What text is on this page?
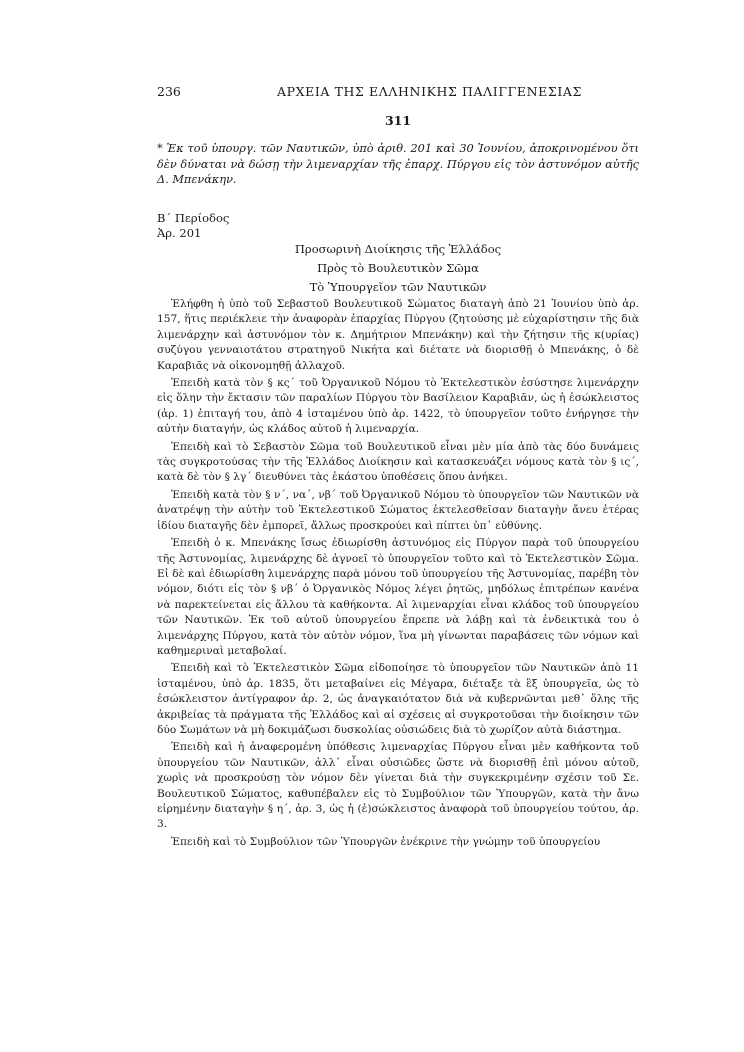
236	ΑΡΧΕΙΑ ΤΗΣ ΕΛΛΗΝΙΚΗΣ ΠΑΛΙΓΓΕΝΕΣΙΑΣ
311
* Ἐκ τοῦ ὑπουργ. τῶν Ναυτικῶν, ὑπὸ ἀριθ. 201 καὶ 30 Ἰουνίου, ἀποκρινομένου ὅτι δὲν δύναται νὰ δώσῃ τὴν λιμεναρχίαν τῆς ἐπαρχ. Πύργου εἰς τὸν ἀστυνόμον αὐτῆς Δ. Μπενάκην.
Β´ Περίοδος
Ἀρ. 201
Προσωρινὴ Διοίκησις τῆς Ἑλλάδος
Πρὸς τὸ Βουλευτικὸν Σῶμα
Τὸ Ὑπουργεῖον τῶν Ναυτικῶν

Ἐλήφθη ἡ ὑπὸ τοῦ Σεβαστοῦ Βουλευτικοῦ Σώματος διαταγὴ ἀπὸ 21 Ἰουνίου ὑπὸ ἀρ. 157, ἥτις περιέκλειε τὴν ἀναφορὰν ἐπαρχίας Πύργου (ζητούσης μὲ εὐχαρίστησιν τῆς διὰ λιμενάρχην καὶ ἀστυνόμον τὸν κ. Δημήτριον Μπενάκην) καὶ τὴν ζήτησιν τῆς κ(υρίας) συζύγου γενναιοτάτου στρατηγοῦ Νικήτα καὶ διέτατε νὰ διορισθῇ ὁ Μπενάκης, ὁ δὲ Καραβιᾶς νὰ οἰκονομηθῇ ἀλλαχοῦ.

Ἐπειδὴ κατὰ τὸν § κς´ τοῦ Ὀργανικοῦ Νόμου τὸ Ἐκτελεστικὸν ἐσύστησε λιμενάρχην εἰς ὅλην τὴν ἔκτασιν τῶν παραλίων Πύργου τὸν Βασίλειον Καραβιᾶν, ὡς ἡ ἐσώκλειστος (ἀρ. 1) ἐπιταγή του, ἀπὸ 4 ἱσταμένου ὑπὸ ἀρ. 1422, τὸ ὑπουργεῖον τοῦτο ἐνήργησε τὴν αὐτὴν διαταγήν, ὡς κλάδος αὐτοῦ ἡ λιμεναρχία.

Ἐπειδὴ καὶ τὸ Σεβαστὸν Σῶμα τοῦ Βουλευτικοῦ εἶναι μὲν μία ἀπὸ τὰς δύο δυνάμεις τὰς συγκροτούσας τὴν τῆς Ἑλλάδος Διοίκησιν καὶ κατασκευάζει νόμους κατὰ τὸν § ις´, κατὰ δὲ τὸν § λγ´ διευθύνει τὰς ἑκάστου ὑποθέσεις ὅπου ἀνήκει.

Ἐπειδὴ κατὰ τὸν § ν´, να´, νβ´ τοῦ Ὀργανικοῦ Νόμου τὸ ὑπουργεῖον τῶν Ναυτικῶν νὰ ἀνατρέψῃ τὴν αὐτὴν τοῦ Ἐκτελεστικοῦ Σώματος ἐκτελεσθεῖσαν διαταγὴν ἄνευ ἑτέρας ἰδίου διαταγῆς δὲν ἐμπορεῖ, ἄλλως προσκρούει καὶ πίπτει ὑπ᾽ εὐθύνης.

Ἐπειδὴ ὁ κ. Μπενάκης ἴσως ἐδιωρίσθη ἀστυνόμος εἰς Πύργον παρὰ τοῦ ὑπουργείου τῆς Ἀστυνομίας, λιμενάρχης δὲ ἀγνοεῖ τὸ ὑπουργεῖον τοῦτο καὶ τὸ Ἐκτελεστικὸν Σῶμα. Εἰ δὲ καὶ ἐδιωρίσθη λιμενάρχης παρὰ μόνου τοῦ ὑπουργείου τῆς Ἀστυνομίας, παρέβη τὸν νόμον, διότι εἰς τὸν § νβ´ ὁ Ὀργανικὸς Νόμος λέγει ῥητῶς, μηδόλως ἐπιτρέπων κανένα νὰ παρεκτείνεται εἰς ἄλλου τὰ καθήκοντα. Αἱ λιμεναρχίαι εἶναι κλάδος τοῦ ὑπουργείου τῶν Ναυτικῶν. Ἐκ τοῦ αὐτοῦ ὑπουργείου ἔπρεπε νὰ λάβῃ καὶ τὰ ἐνδεικτικὰ του ὁ λιμενάρχης Πύργου, κατὰ τὸν αὐτὸν νόμον, ἵνα μὴ γίνωνται παραβάσεις τῶν νόμων καὶ καθημεριναὶ μεταβολαί.

Ἐπειδὴ καὶ τὸ Ἐκτελεστικὸν Σῶμα εἰδοποίησε τὸ ὑπουργεῖον τῶν Ναυτικῶν ἀπὸ 11 ἱσταμένου, ὑπὸ ἀρ. 1835, ὅτι μεταβαίνει εἰς Μέγαρα, διέταξε τὰ ἓξ ὑπουργεῖα, ὡς τὸ ἐσώκλειστον ἀντίγραφον ἀρ. 2, ὡς ἀναγκαιότατον διὰ νὰ κυβερνῶνται μεθ᾽ ὅλης τῆς ἀκριβείας τὰ πράγματα τῆς Ἑλλάδος καὶ αἱ σχέσεις αἱ συγκροτοῦσαι τὴν διοίκησιν τῶν δύο Σωμάτων νὰ μὴ δοκιμάζωσι δυσκολίας οὐσιώδεις διὰ τὸ χωρίζον αὐτὰ διάστημα.

Ἐπειδὴ καὶ ἡ ἀναφερομένη ὑπόθεσις λιμεναρχίας Πύργου εἶναι μὲν καθήκοντα τοῦ ὑπουργείου τῶν Ναυτικῶν, ἀλλ᾽ εἶναι οὐσιῶδες ὥστε νὰ διορισθῇ ἐπὶ μόνου αὐτοῦ, χωρὶς νὰ προσκρούσῃ τὸν νόμον δὲν γίνεται διὰ τὴν συγκεκριμένην σχέσιν τοῦ Σε. Βουλευτικοῦ Σώματος, καθυπέβαλεν εἰς τὸ Συμβούλιον τῶν Ὑπουργῶν, κατὰ τὴν ἄνω εἰρημένην διαταγὴν § η´, ἀρ. 3, ὡς ἡ (ἐ)σώκλειστος ἀναφορὰ τοῦ ὑπουργείου τούτου, ἀρ. 3.

Ἐπειδὴ καὶ τὸ Συμβούλιον τῶν Ὑπουργῶν ἐνέκρινε τὴν γνώμην τοῦ ὑπουργείου
